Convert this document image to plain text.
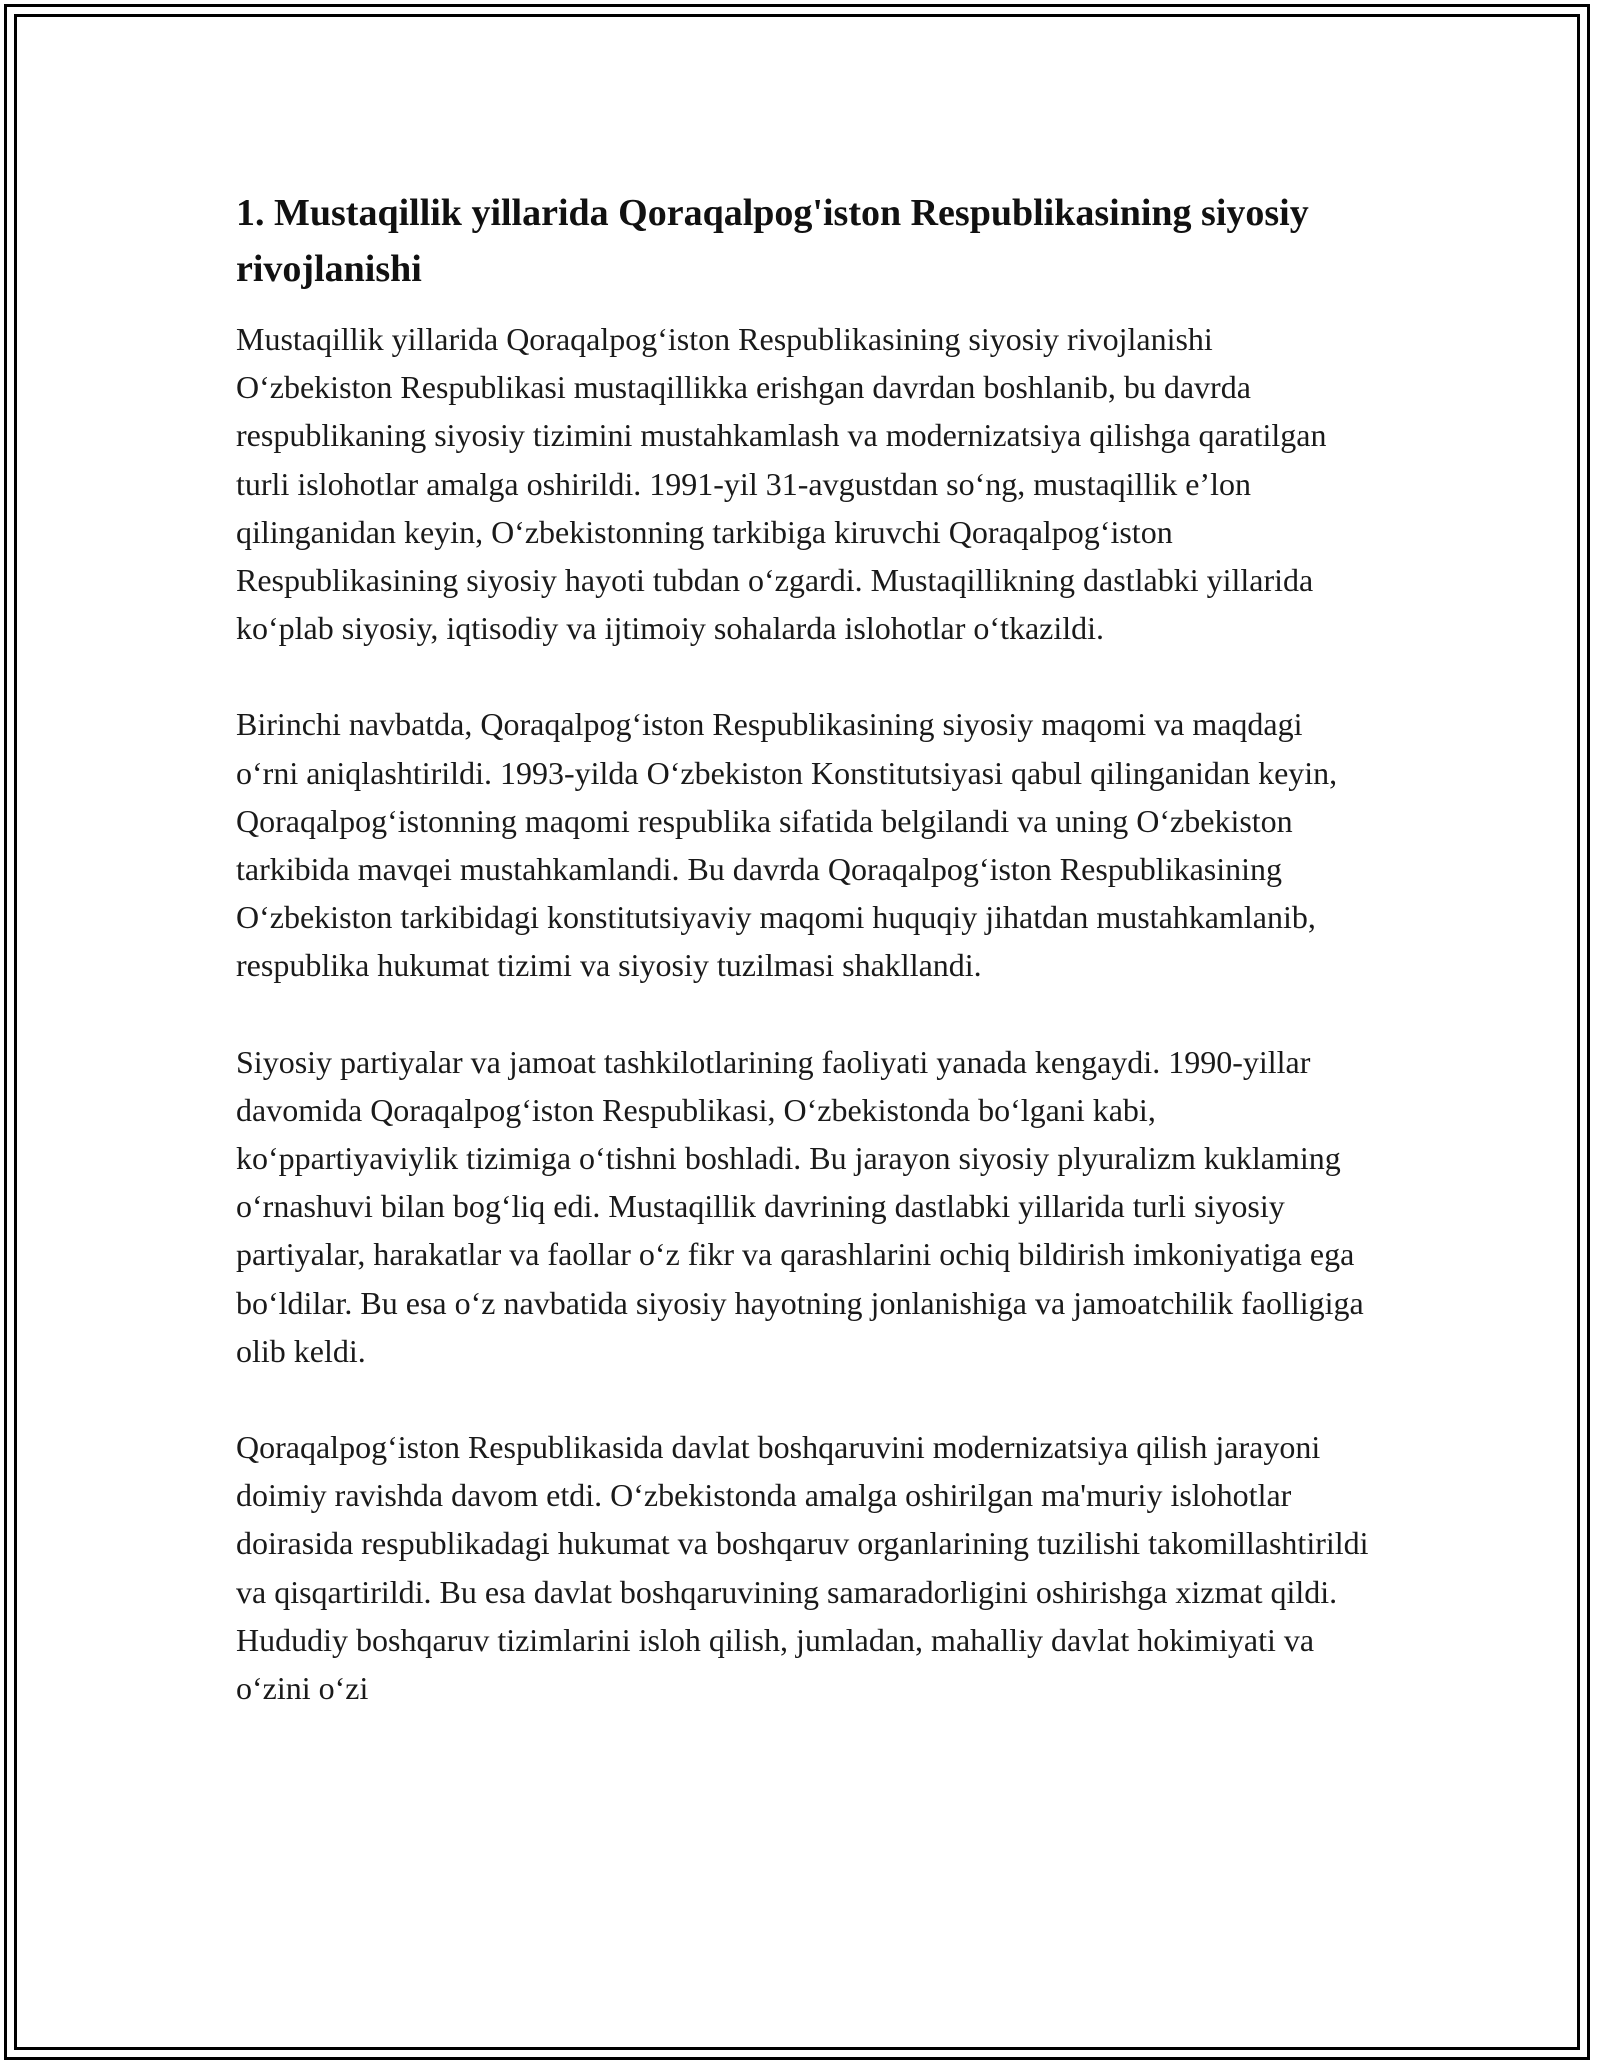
1. Mustaqillik yillarida Qoraqalpog'iston Respublikasining siyosiy rivojlanishi

Mustaqillik yillarida Qoraqalpog‘iston Respublikasining siyosiy rivojlanishi O‘zbekiston Respublikasi mustaqillikka erishgan davrdan boshlanib, bu davrda respublikaning siyosiy tizimini mustahkamlash va modernizatsiya qilishga qaratilgan turli islohotlar amalga oshirildi. 1991-yil 31-avgustdan so‘ng, mustaqillik e’lon qilinganidan keyin, O‘zbekistonning tarkibiga kiruvchi Qoraqalpog‘iston Respublikasining siyosiy hayoti tubdan o‘zgardi. Mustaqillikning dastlabki yillarida ko‘plab siyosiy, iqtisodiy va ijtimoiy sohalarda islohotlar o‘tkazildi.

Birinchi navbatda, Qoraqalpog‘iston Respublikasining siyosiy maqomi va maqdagi o‘rni aniqlashtirildi. 1993-yilda O‘zbekiston Konstitutsiyasi qabul qilinganidan keyin, Qoraqalpog‘istonning maqomi respublika sifatida belgilandi va uning O‘zbekiston tarkibida mavqei mustahkamlandi. Bu davrda Qoraqalpog‘iston Respublikasining O‘zbekiston tarkibidagi konstitutsiyaviy maqomi huquqiy jihatdan mustahkamlanib, respublika hukumat tizimi va siyosiy tuzilmasi shakllandi.

Siyosiy partiyalar va jamoat tashkilotlarining faoliyati yanada kengaydi. 1990-yillar davomida Qoraqalpog‘iston Respublikasi, O‘zbekistonda bo‘lgani kabi, ko‘ppartiyaviylik tizimiga o‘tishni boshladi. Bu jarayon siyosiy plyuralizm kuklaming o‘rnashuvi bilan bog‘liq edi. Mustaqillik davrining dastlabki yillarida turli siyosiy partiyalar, harakatlar va faollar o‘z fikr va qarashlarini ochiq bildirish imkoniyatiga ega bo‘ldilar. Bu esa o‘z navbatida siyosiy hayotning jonlanishiga va jamoatchilik faolligiga olib keldi.

Qoraqalpog‘iston Respublikasida davlat boshqaruvini modernizatsiya qilish jarayoni doimiy ravishda davom etdi. O‘zbekistonda amalga oshirilgan ma'muriy islohotlar doirasida respublikadagi hukumat va boshqaruv organlarining tuzilishi takomillashtirildi va qisqartirildi. Bu esa davlat boshqaruvining samaradorligini oshirishga xizmat qildi. Hududiy boshqaruv tizimlarini isloh qilish, jumladan, mahalliy davlat hokimiyati va o‘zini o‘zi
